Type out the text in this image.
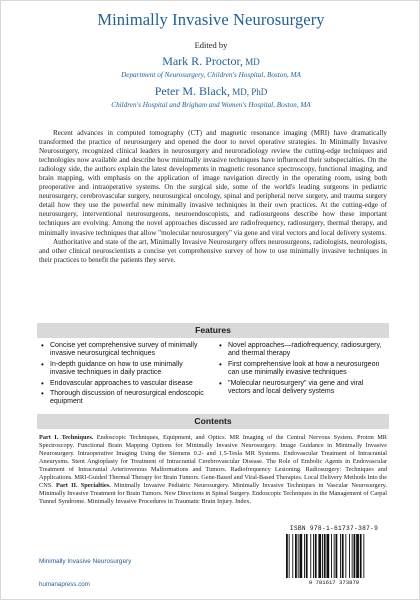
Minimally Invasive Neurosurgery
Edited by
Mark R. Proctor, MD
Department of Neurosurgery, Children's Hospital, Boston, MA
Peter M. Black, MD, PhD
Children's Hospital and Brigham and Women's Hospital, Boston, MA

Recent advances in computed tomography (CT) and magnetic resonance imaging (MRI) have dramatically transformed the practice of neurosurgery and opened the door to novel operative strategies. In Minimally Invasive Neurosurgery, recognized clinical leaders in neurosurgery and neuroradiology review the cutting-edge techniques and technologies now available and describe how minimally invasive techniques have influenced their subspecialties. On the radiology side, the authors explain the latest developments in magnetic resonance spectroscopy, functional imaging, and brain mapping, with emphasis on the application of image navigation directly in the operating room, using both preoperative and intraoperative systems. On the surgical side, some of the world's leading surgeons in pediatric neurosurgery, cerebrovascular surgery, neurosurgical oncology, spinal and peripheral nerve surgery, and trauma surgery detail how they use the powerful new minimally invasive techniques in their own practices. At the cutting-edge of neurosurgery, interventional neurosurgeons, neuroendoscopists, and radiosurgeons describe how these important techniques are evolving. Among the novel approaches discussed are radiofrequency, radiosurgery, thermal therapy, and minimally invasive techniques that allow "molecular neurosurgery" via gene and viral vectors and local delivery systems.

Authoritative and state of the art, Minimally Invasive Neurosurgery offers neurosurgeons, radiologists, neurologists, and other clinical neuroscientists a concise yet comprehensive survey of how to use minimally invasive techniques in their practices to benefit the patients they serve.

Features
• Concise yet comprehensive survey of minimally invasive neurosurgical techniques
• In-depth guidance on how to use minimally invasive techniques in daily practice
• Endovascular approaches to vascular disease
• Thorough discussion of neurosurgical endoscopic equipment
• Novel approaches—radiofrequency, radiosurgery, and thermal therapy
• First comprehensive look at how a neurosurgeon can use minimally invasive techniques
• "Molecular neurosurgery" via gene and viral vectors and local delivery systems
Contents
Part I. Techniques. Endoscopic Techniques, Equipment, and Optics. MR Imaging of the Central Nervous System. Proton MR Spectroscopy. Functional Brain Mapping Options for Minimally Invasive Neurosurgery. Image Guidance in Minimally Invasive Neurosurgery. Intraoperative Imaging Using the Siemens 0.2- and 1.5-Tesla MR Systems. Endovascular Treatment of Intracranial Aneurysms. Stent Angioplasty for Treatment of Intracranial Cerebrovascular Disease. The Role of Embolic Agents in Endovascular Treatment of Intracranial Arteriovenous Malformations and Tumors. Radiofrequency Lesioning. Radiosurgery: Techniques and Applications. MRI-Guided Thermal Therapy for Brain Tumors. Gene-Based and Viral-Based Therapies. Local Delivery Methods Into the CNS. Part II. Specialties. Minimally Invasive Pediatric Neurosurgery. Minimally Invasive Techniques in Vascular Neurosurgery. Minimally Invasive Treatment for Brain Tumors. New Directions in Spinal Surgery. Endoscopic Techniques in the Management of Carpal Tunnel Syndrome. Minimally Invasive Procedures in Traumatic Brain Injury. Index.
ISBN 978-1-61737-387-9
9 781617 373879
Minimally Invasive Neurosurgery
humanapress.com
